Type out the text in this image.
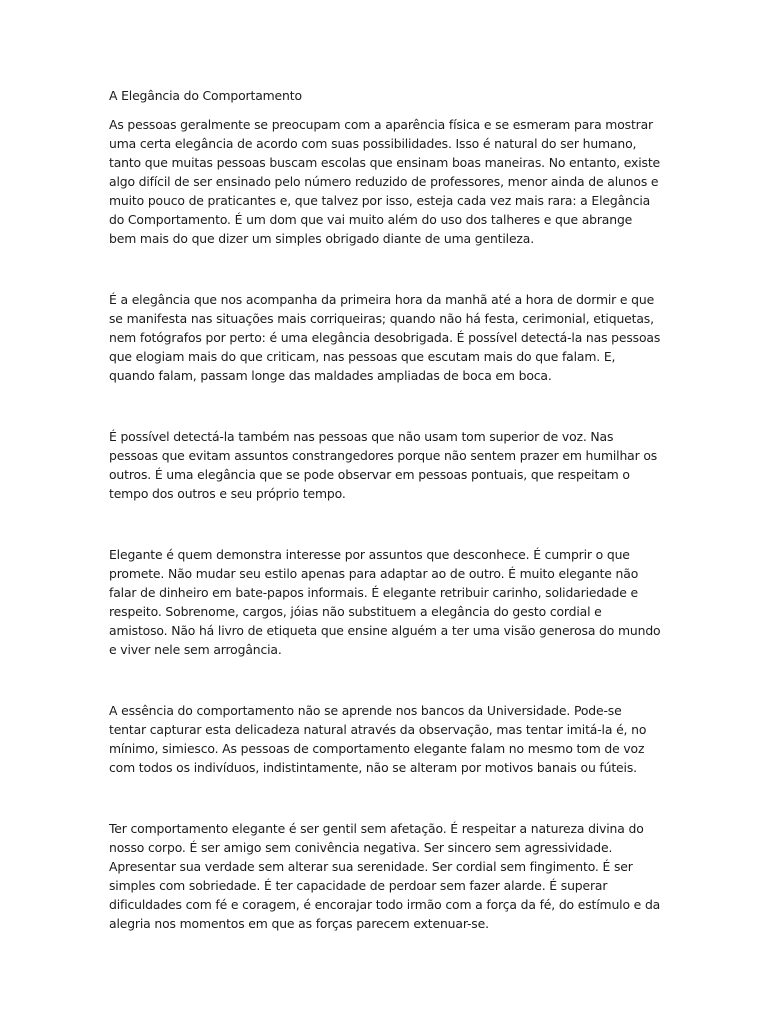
A Elegância do Comportamento

As pessoas geralmente se preocupam com a aparência física e se esmeram para mostrar uma certa elegância de acordo com suas possibilidades. Isso é natural do ser humano, tanto que muitas pessoas buscam escolas que ensinam boas maneiras. No entanto, existe algo difícil de ser ensinado pelo número reduzido de professores, menor ainda de alunos e muito pouco de praticantes e, que talvez por isso, esteja cada vez mais rara: a Elegância do Comportamento. É um dom que vai muito além do uso dos talheres e que abrange bem mais do que dizer um simples obrigado diante de uma gentileza.

É a elegância que nos acompanha da primeira hora da manhã até a hora de dormir e que se manifesta nas situações mais corriqueiras; quando não há festa, cerimonial, etiquetas, nem fotógrafos por perto: é uma elegância desobrigada. É possível detectá-la nas pessoas que elogiam mais do que criticam, nas pessoas que escutam mais do que falam. E, quando falam, passam longe das maldades ampliadas de boca em boca.

É possível detectá-la também nas pessoas que não usam tom superior de voz. Nas pessoas que evitam assuntos constrangedores porque não sentem prazer em humilhar os outros. É uma elegância que se pode observar em pessoas pontuais, que respeitam o tempo dos outros e seu próprio tempo.

Elegante é quem demonstra interesse por assuntos que desconhece. É cumprir o que promete. Não mudar seu estilo apenas para adaptar ao de outro. É muito elegante não falar de dinheiro em bate-papos informais. É elegante retribuir carinho, solidariedade e respeito. Sobrenome, cargos, jóias não substituem a elegância do gesto cordial e amistoso. Não há livro de etiqueta que ensine alguém a ter uma visão generosa do mundo e viver nele sem arrogância.

A essência do comportamento não se aprende nos bancos da Universidade. Pode-se tentar capturar esta delicadeza natural através da observação, mas tentar imitá-la é, no mínimo, simiesco. As pessoas de comportamento elegante falam no mesmo tom de voz com todos os indivíduos, indistintamente, não se alteram por motivos banais ou fúteis.

Ter comportamento elegante é ser gentil sem afetação. É respeitar a natureza divina do nosso corpo. É ser amigo sem conivência negativa. Ser sincero sem agressividade. Apresentar sua verdade sem alterar sua serenidade. Ser cordial sem fingimento. É ser simples com sobriedade. É ter capacidade de perdoar sem fazer alarde. É superar dificuldades com fé e coragem, é encorajar todo irmão com a força da fé, do estímulo e da alegria nos momentos em que as forças parecem extenuar-se.
